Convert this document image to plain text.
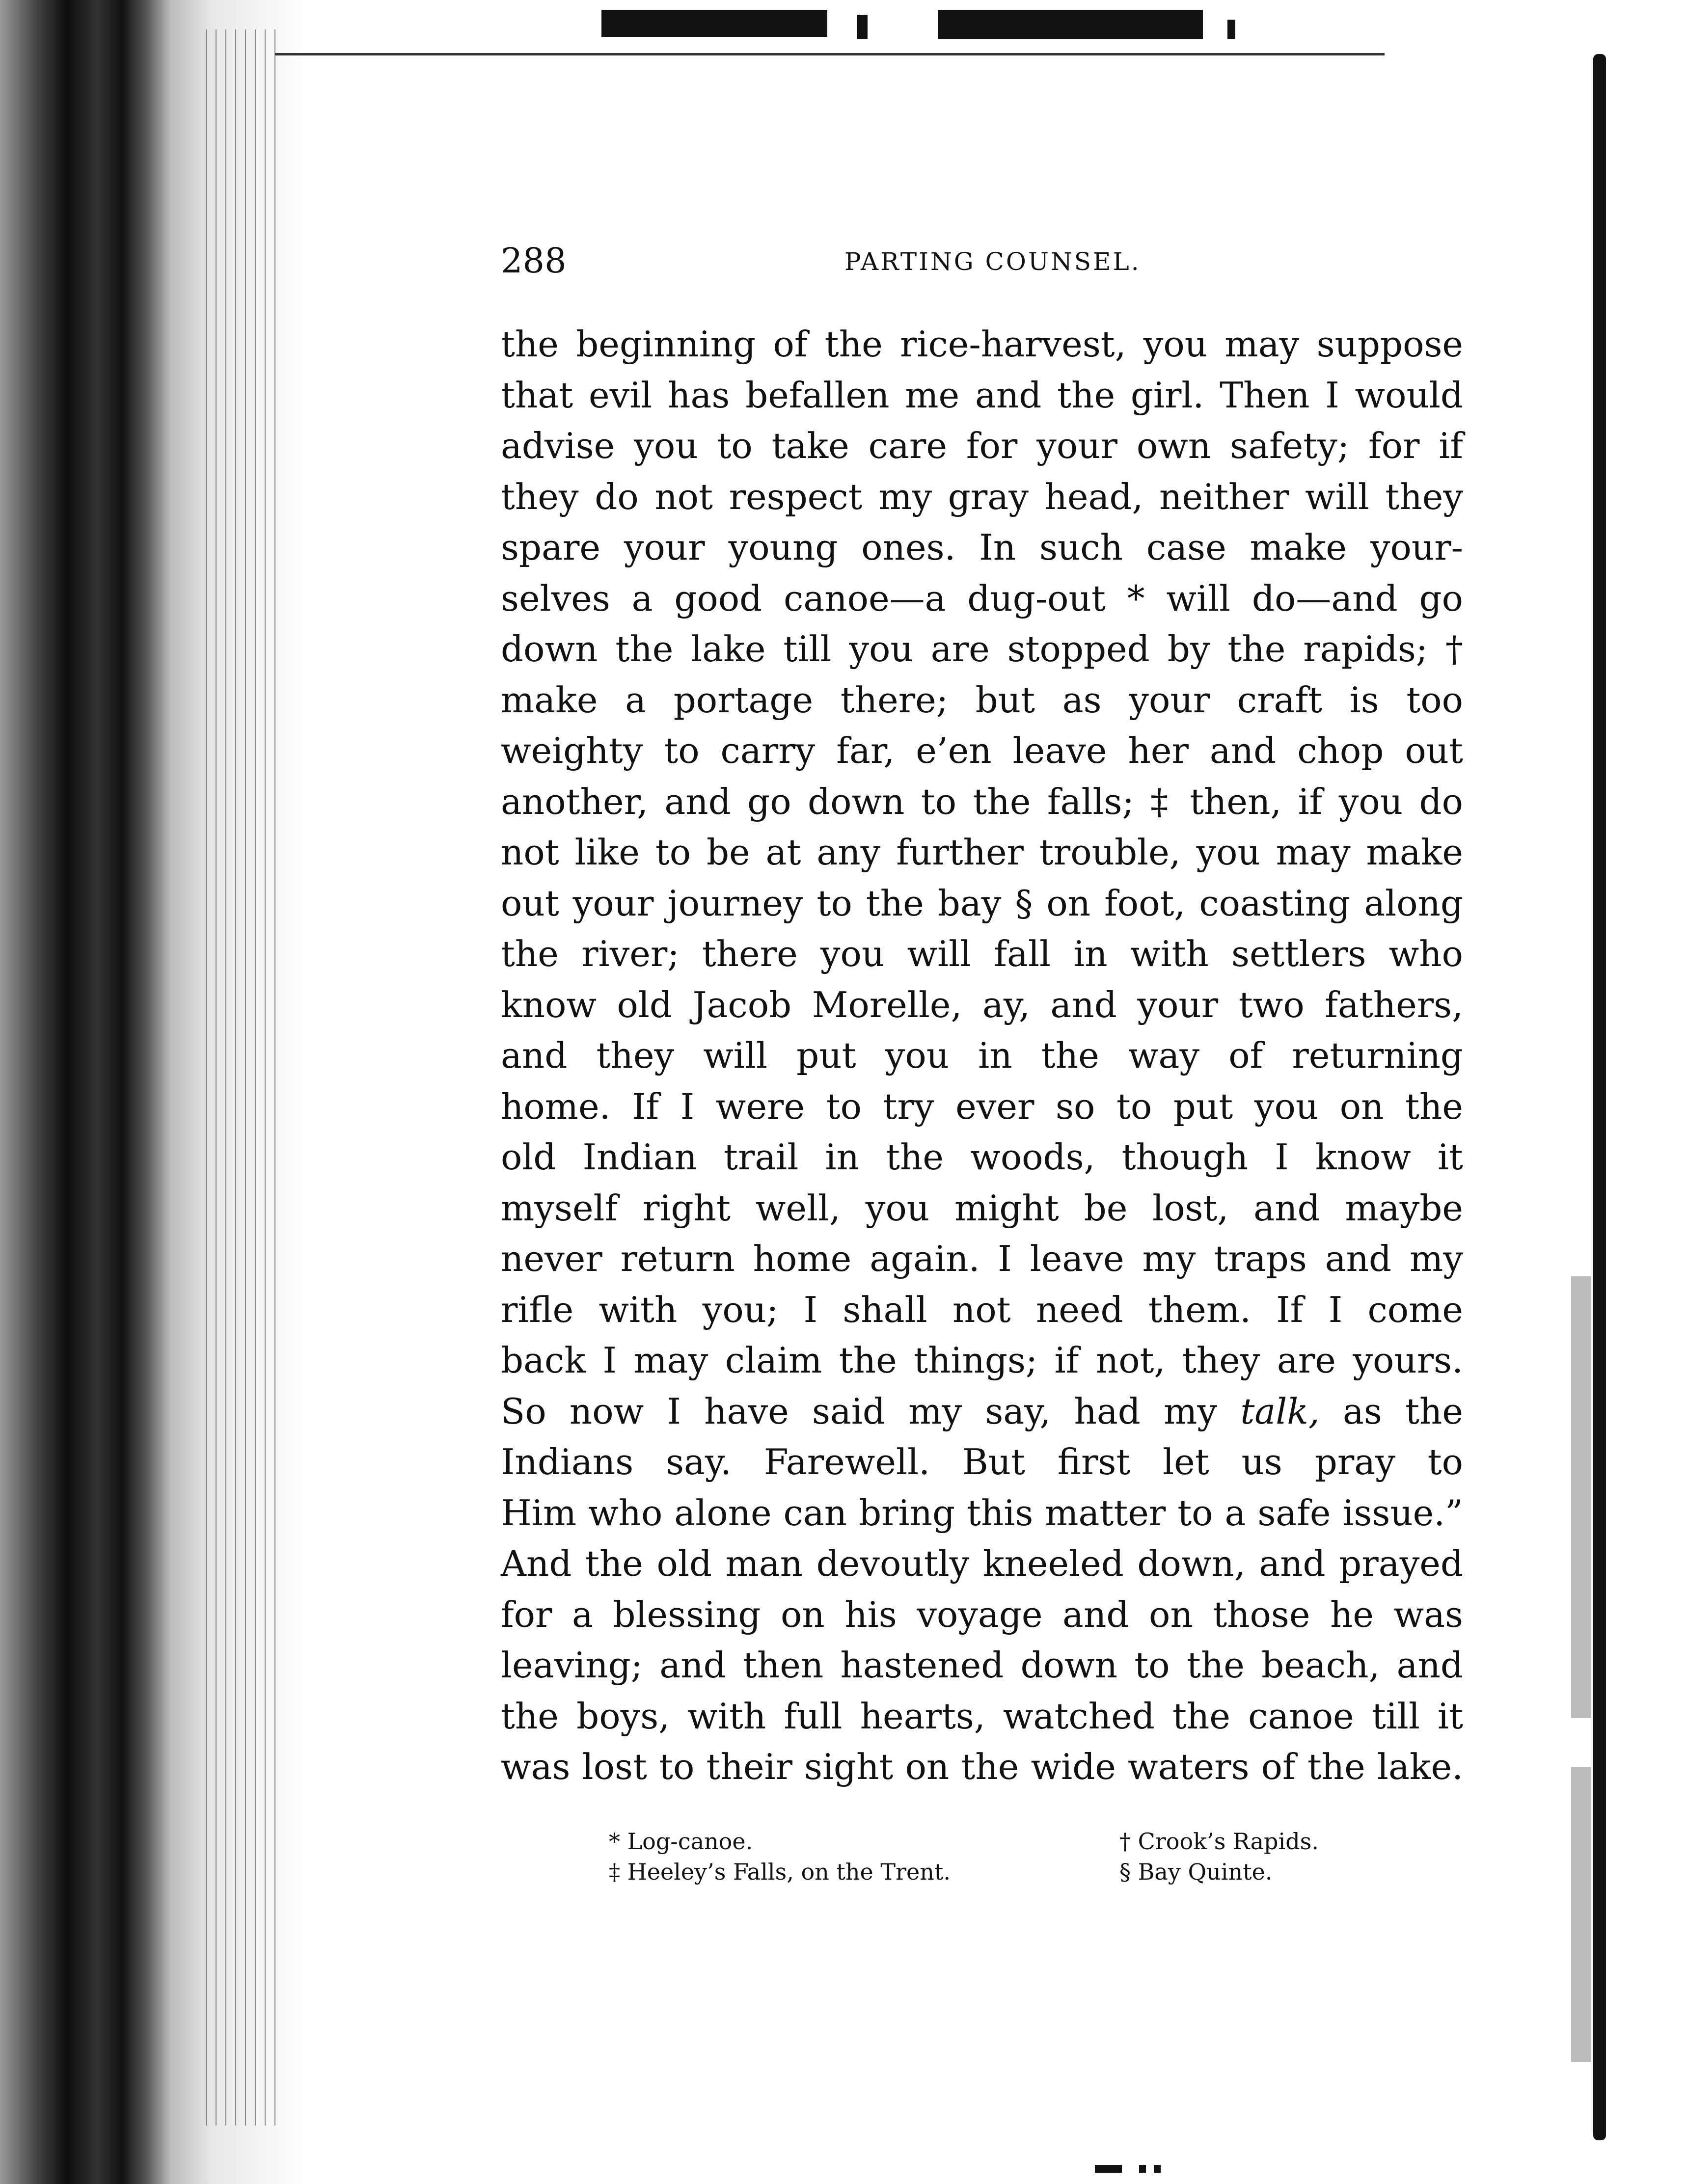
288	PARTING COUNSEL.
the beginning of the rice-harvest, you may suppose
that evil has befallen me and the girl. Then I would
advise you to take care for your own safety; for if
they do not respect my gray head, neither will they
spare your young ones. In such case make your-
selves a good canoe—a dug-out * will do—and go
down the lake till you are stopped by the rapids; †
make a portage there; but as your craft is too
weighty to carry far, e’en leave her and chop out
another, and go down to the falls; ‡ then, if you do
not like to be at any further trouble, you may make
out your journey to the bay § on foot, coasting along
the river; there you will fall in with settlers who
know old Jacob Morelle, ay, and your two fathers,
and they will put you in the way of returning
home. If I were to try ever so to put you on the
old Indian trail in the woods, though I know it
myself right well, you might be lost, and maybe
never return home again. I leave my traps and my
rifle with you; I shall not need them. If I come
back I may claim the things; if not, they are yours.
So now I have said my say, had my talk, as the
Indians say. Farewell. But first let us pray to
Him who alone can bring this matter to a safe issue.”
And the old man devoutly kneeled down, and prayed
for a blessing on his voyage and on those he was
leaving; and then hastened down to the beach, and
the boys, with full hearts, watched the canoe till it
was lost to their sight on the wide waters of the lake.
* Log-canoe.	† Crook’s Rapids.
‡ Heeley’s Falls, on the Trent.	§ Bay Quinte.
